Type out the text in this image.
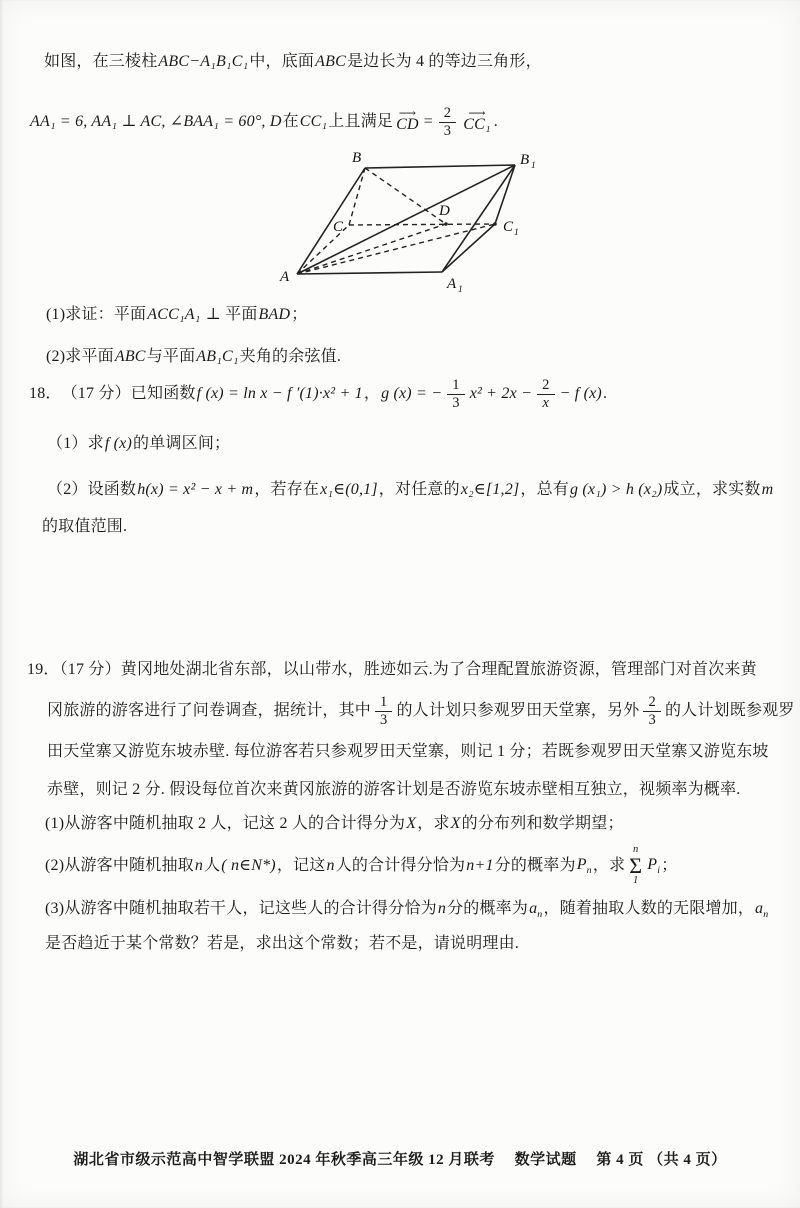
如图，在三棱柱ABC−A₁B₁C₁中，底面ABC是边长为 4 的等边三角形，
AA₁ = 6, AA₁ ⊥ AC, ∠BAA₁ = 60°, D 在 CC₁ 上且满足
⟶
CD = $\frac{2}{3}$ ⟶
CC₁ .
A
B
C
D
A 1
B 1
C 1
(1)求证：平面ACC₁A₁ ⊥ 平面BAD；
(2)求平面ABC与平面AB₁C₁夹角的余弦值.
18． （17 分）已知函数 f (x) = ln x − f ′(1)·x² + 1 ， g (x) = − $\frac{1}{3} x^2 + 2x - \frac{2}{x} - f$ (x) .
（1）求f (x)的单调区间；
（2）设函数h(x) = x² − x + m，若存在x₁∈(0,1]，对任意的x₂∈[1,2]，总有g (x₁) > h (x₂)成立，求实数m
的取值范围.
19．（17 分）黄冈地处湖北省东部，以山带水，胜迹如云.为了合理配置旅游资源，管理部门对首次来黄
冈旅游的游客进行了问卷调查，据统计，其中 $\frac{1}{3}$ 的人计划只参观罗田天堂寨，另外 $\frac{2}{3}$ 的人计划既参观罗
田天堂寨又游览东坡赤壁. 每位游客若只参观罗田天堂寨，则记 1 分；若既参观罗田天堂寨又游览东坡
赤壁，则记 2 分. 假设每位首次来黄冈旅游的游客计划是否游览东坡赤壁相互独立，视频率为概率.
(1)从游客中随机抽取 2 人，记这 2 人的合计得分为X，求X的分布列和数学期望；
(2)从游客中随机抽取 n 人 ( n∈N*) ，记这 n 人的合计得分恰为 n+1 分的概率为 $P_n$ ，求
n
Σ
1
$P_i$ ；
(3)从游客中随机抽取若干人，记这些人的合计得分恰为n分的概率为$a_n$，随着抽取人数的无限增加，$a_n$
是否趋近于某个常数？若是，求出这个常数；若不是，请说明理由.
湖北省市级示范高中智学联盟 2024 年秋季高三年级 12 月联考　 数学试题 　第 4 页 （共 4 页）
